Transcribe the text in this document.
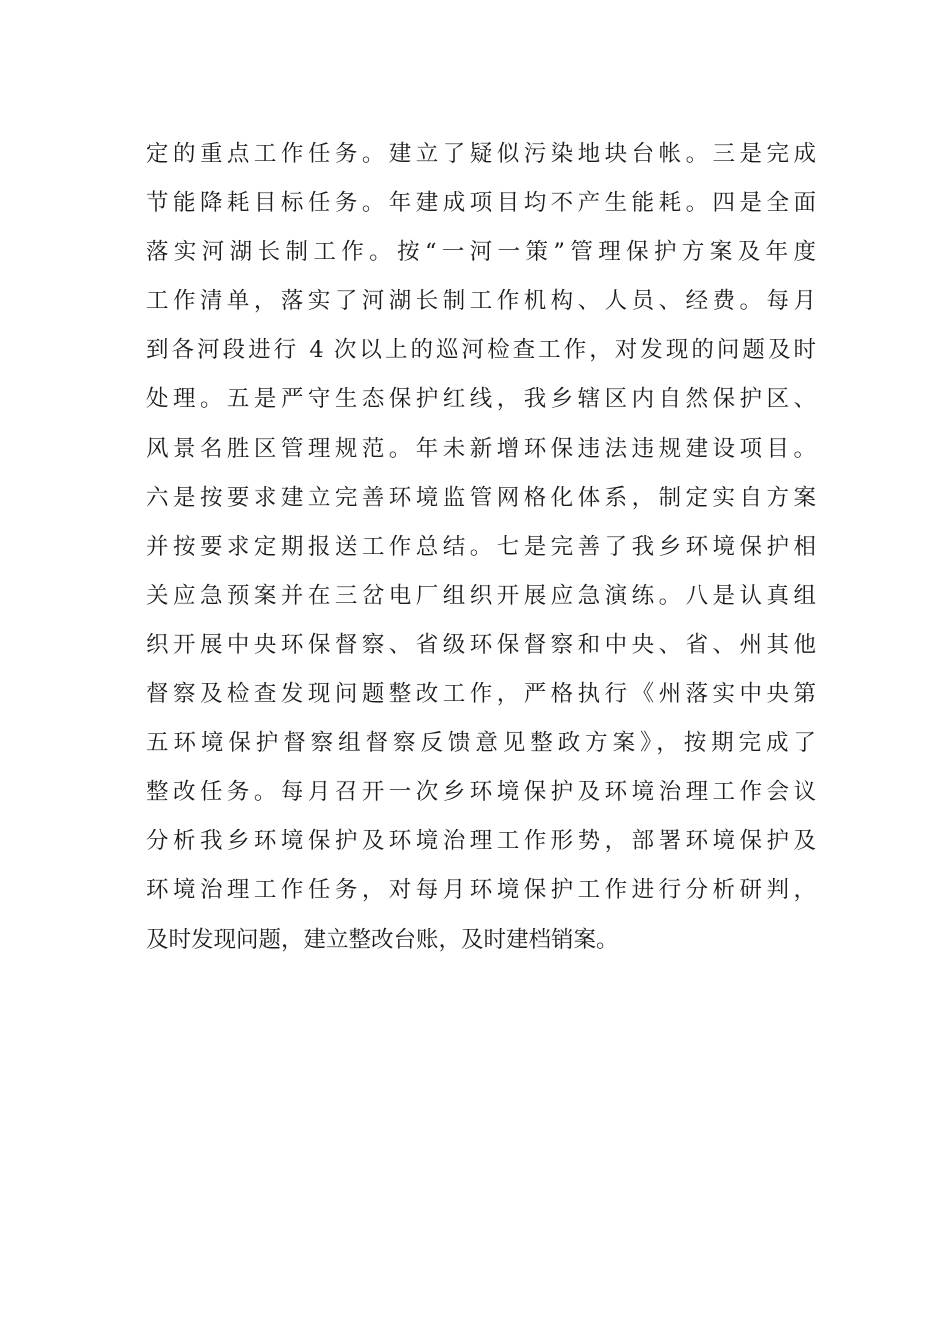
定的重点工作任务。建立了疑似污染地块台帐。三是完成
节能降耗目标任务。年建成项目均不产生能耗。四是全面
落实河湖长制工作。按“一河一策”管理保护方案及年度
工作清单，落实了河湖长制工作机构、人员、经费。每月
到各河段进行 4 次以上的巡河检查工作，对发现的问题及时
处理。五是严守生态保护红线，我乡辖区内自然保护区、
风景名胜区管理规范。年未新增环保违法违规建设项目。
六是按要求建立完善环境监管网格化体系，制定实自方案
并按要求定期报送工作总结。七是完善了我乡环境保护相
关应急预案并在三岔电厂组织开展应急演练。八是认真组
织开展中央环保督察、省级环保督察和中央、省、州其他
督察及检查发现问题整改工作，严格执行《州落实中央第
五环境保护督察组督察反馈意见整政方案》，按期完成了
整改任务。每月召开一次乡环境保护及环境治理工作会议
分析我乡环境保护及环境治理工作形势，部署环境保护及
环境治理工作任务，对每月环境保护工作进行分析研判，
及时发现问题，建立整改台账，及时建档销案。
